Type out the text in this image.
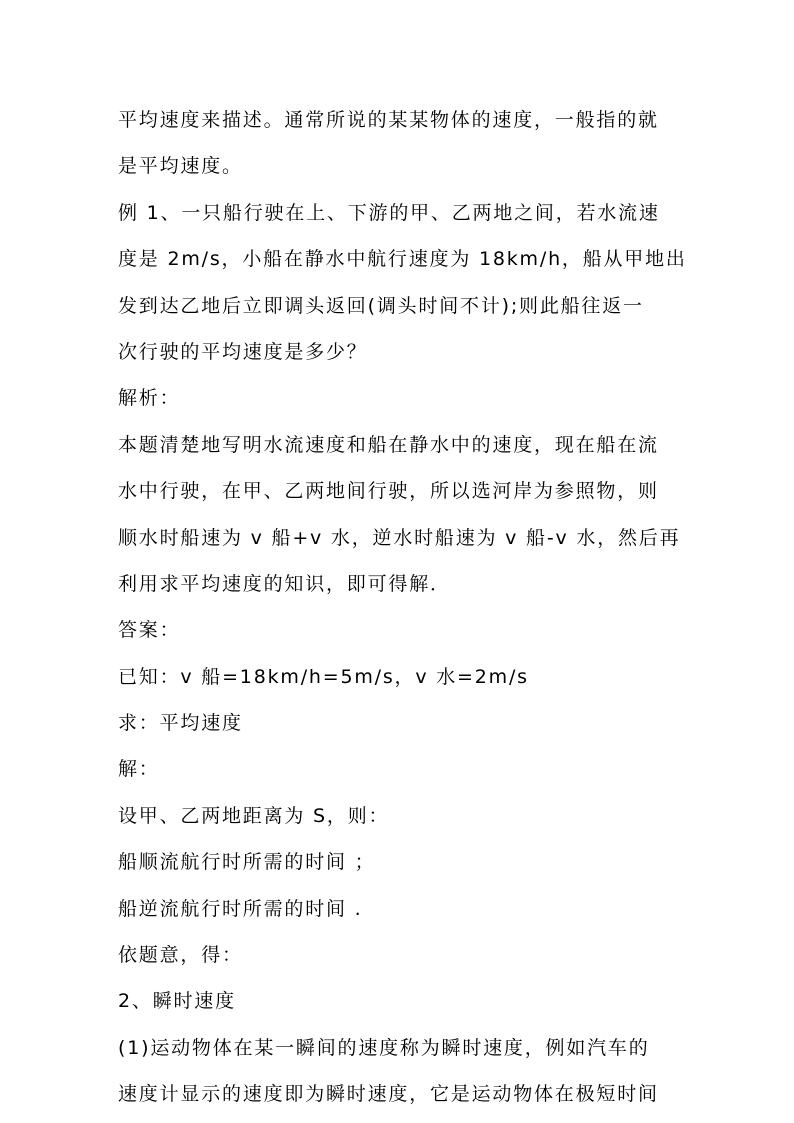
平均速度来描述。通常所说的某某物体的速度，一般指的就
是平均速度。
例 1、一只船行驶在上、下游的甲、乙两地之间，若水流速
度是 2m/s，小船在静水中航行速度为 18km/h，船从甲地出
发到达乙地后立即调头返回(调头时间不计);则此船往返一
次行驶的平均速度是多少？
解析：
本题清楚地写明水流速度和船在静水中的速度，现在船在流
水中行驶，在甲、乙两地间行驶，所以选河岸为参照物，则
顺水时船速为 v 船+v 水，逆水时船速为 v 船-v 水，然后再
利用求平均速度的知识，即可得解．
答案：
已知：v 船=18km/h=5m/s，v 水=2m/s
求：平均速度
解：
设甲、乙两地距离为 S，则：
船顺流航行时所需的时间 ；
船逆流航行时所需的时间 .
依题意，得：
2、瞬时速度
(1)运动物体在某一瞬间的速度称为瞬时速度，例如汽车的
速度计显示的速度即为瞬时速度，它是运动物体在极短时间
